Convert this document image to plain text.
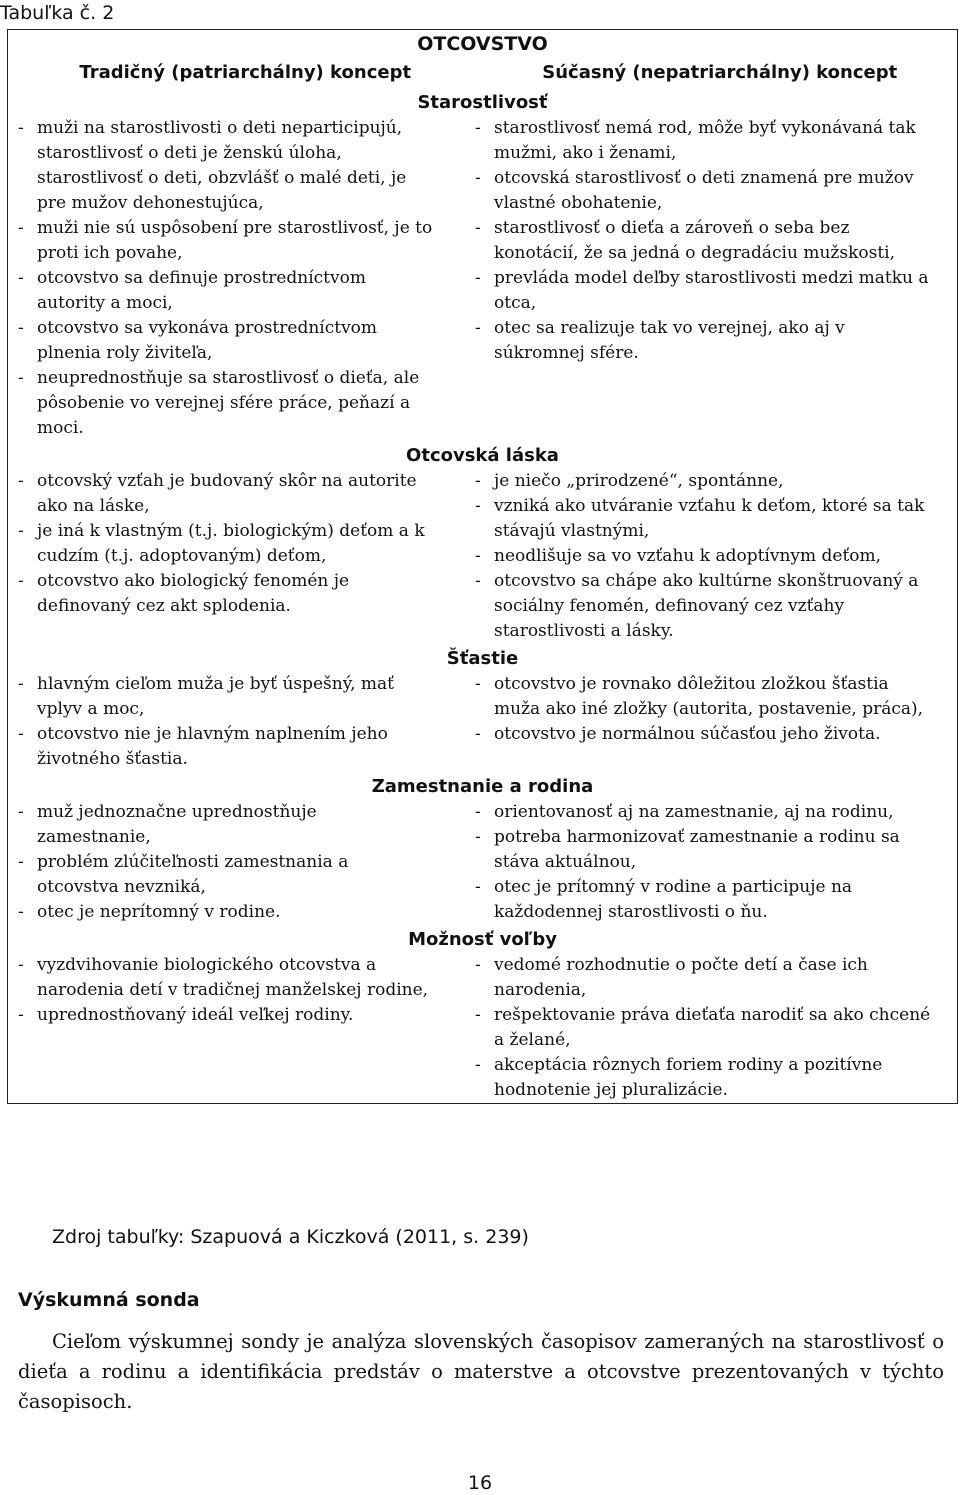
Tabuľka č. 2
OTCOVSTVO
Tradičný (patriarchálny) koncept	Súčasný (nepatriarchálny) koncept
Starostlivosť
- muži na starostlivosti o deti neparticipujú, starostlivosť o deti je ženskú úloha, starostlivosť o deti, obzvlášť o malé deti, je pre mužov dehonestujúca,
- muži nie sú uspôsobení pre starostlivosť, je to proti ich povahe,
- otcovstvo sa definuje prostredníctvom autority a moci,
- otcovstvo sa vykonáva prostredníctvom plnenia roly živiteľa,
- neuprednostňuje sa starostlivosť o dieťa, ale pôsobenie vo verejnej sfére práce, peňazí a moci.
- starostlivosť nemá rod, môže byť vykonávaná tak mužmi, ako i ženami,
- otcovská starostlivosť o deti znamená pre mužov vlastné obohatenie,
- starostlivosť o dieťa a zároveň o seba bez konotácií, že sa jedná o degradáciu mužskosti,
- prevláda model deľby starostlivosti medzi matku a otca,
- otec sa realizuje tak vo verejnej, ako aj v súkromnej sfére.
Otcovská láska
- otcovský vzťah je budovaný skôr na autorite ako na láske,
- je iná k vlastným (t.j. biologickým) deťom a k cudzím (t.j. adoptovaným) deťom,
- otcovstvo ako biologický fenomén je definovaný cez akt splodenia.
- je niečo „prirodzené“, spontánne,
- vzniká ako utváranie vzťahu k deťom, ktoré sa tak stávajú vlastnými,
- neodlišuje sa vo vzťahu k adoptívnym deťom,
- otcovstvo sa chápe ako kultúrne skonštruovaný a sociálny fenomén, definovaný cez vzťahy starostlivosti a lásky.
Šťastie
- hlavným cieľom muža je byť úspešný, mať vplyv a moc,
- otcovstvo nie je hlavným naplnením jeho životného šťastia.
- otcovstvo je rovnako dôležitou zložkou šťastia muža ako iné zložky (autorita, postavenie, práca),
- otcovstvo je normálnou súčasťou jeho života.
Zamestnanie a rodina
- muž jednoznačne uprednostňuje zamestnanie,
- problém zlúčiteľnosti zamestnania a otcovstva nevzniká,
- otec je neprítomný v rodine.
- orientovanosť aj na zamestnanie, aj na rodinu,
- potreba harmonizovať zamestnanie a rodinu sa stáva aktuálnou,
- otec je prítomný v rodine a participuje na každodennej starostlivosti o ňu.
Možnosť voľby
- vyzdvihovanie biologického otcovstva a narodenia detí v tradičnej manželskej rodine,
- uprednostňovaný ideál veľkej rodiny.
- vedomé rozhodnutie o počte detí a čase ich narodenia,
- rešpektovanie práva dieťaťa narodiť sa ako chcené a želané,
- akceptácia rôznych foriem rodiny a pozitívne hodnotenie jej pluralizácie.
Zdroj tabuľky: Szapuová a Kiczková (2011, s. 239)
Výskumná sonda
Cieľom výskumnej sondy je analýza slovenských časopisov zameraných na starostlivosť o dieťa a rodinu a identifikácia predstáv o materstve a otcovstve prezentovaných v týchto časopisoch.
16
